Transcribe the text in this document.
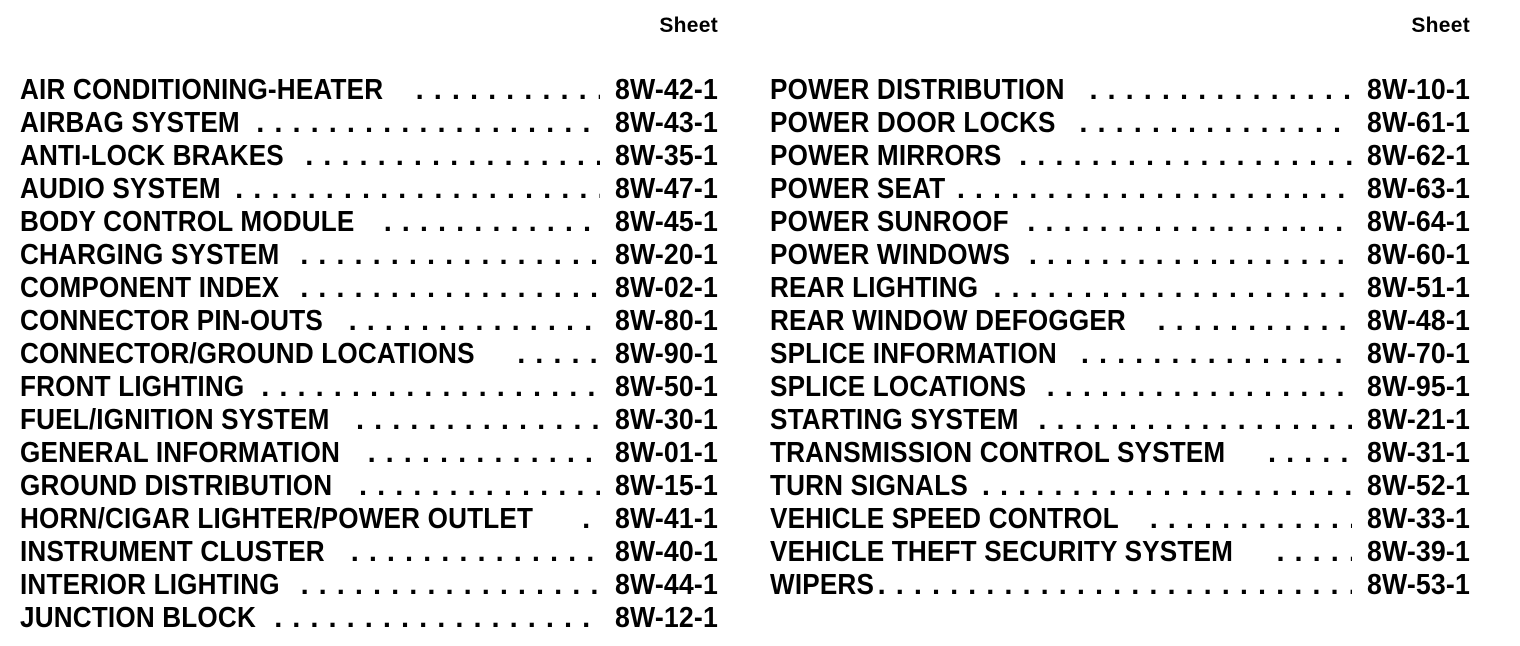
Sheet
AIR CONDITIONING-HEATER . . .	8W-42-1
AIRBAG SYSTEM . . .	8W-43-1
ANTI-LOCK BRAKES . . .	8W-35-1
AUDIO SYSTEM . . .	8W-47-1
BODY CONTROL MODULE . . .	8W-45-1
CHARGING SYSTEM . . .	8W-20-1
COMPONENT INDEX . . .	8W-02-1
CONNECTOR PIN-OUTS . . .	8W-80-1
CONNECTOR/GROUND LOCATIONS . . .	8W-90-1
FRONT LIGHTING . . .	8W-50-1
FUEL/IGNITION SYSTEM . . .	8W-30-1
GENERAL INFORMATION . . .	8W-01-1
GROUND DISTRIBUTION . . .	8W-15-1
HORN/CIGAR LIGHTER/POWER OUTLET . . .	8W-41-1
INSTRUMENT CLUSTER . . .	8W-40-1
INTERIOR LIGHTING . . .	8W-44-1
JUNCTION BLOCK . . .	8W-12-1
Sheet
POWER DISTRIBUTION . . .	8W-10-1
POWER DOOR LOCKS . . .	8W-61-1
POWER MIRRORS . . .	8W-62-1
POWER SEAT . . .	8W-63-1
POWER SUNROOF . . .	8W-64-1
POWER WINDOWS . . .	8W-60-1
REAR LIGHTING . . .	8W-51-1
REAR WINDOW DEFOGGER . . .	8W-48-1
SPLICE INFORMATION . . .	8W-70-1
SPLICE LOCATIONS . . .	8W-95-1
STARTING SYSTEM . . .	8W-21-1
TRANSMISSION CONTROL SYSTEM . . .	8W-31-1
TURN SIGNALS . . .	8W-52-1
VEHICLE SPEED CONTROL . . .	8W-33-1
VEHICLE THEFT SECURITY SYSTEM . . .	8W-39-1
WIPERS . . .	8W-53-1
